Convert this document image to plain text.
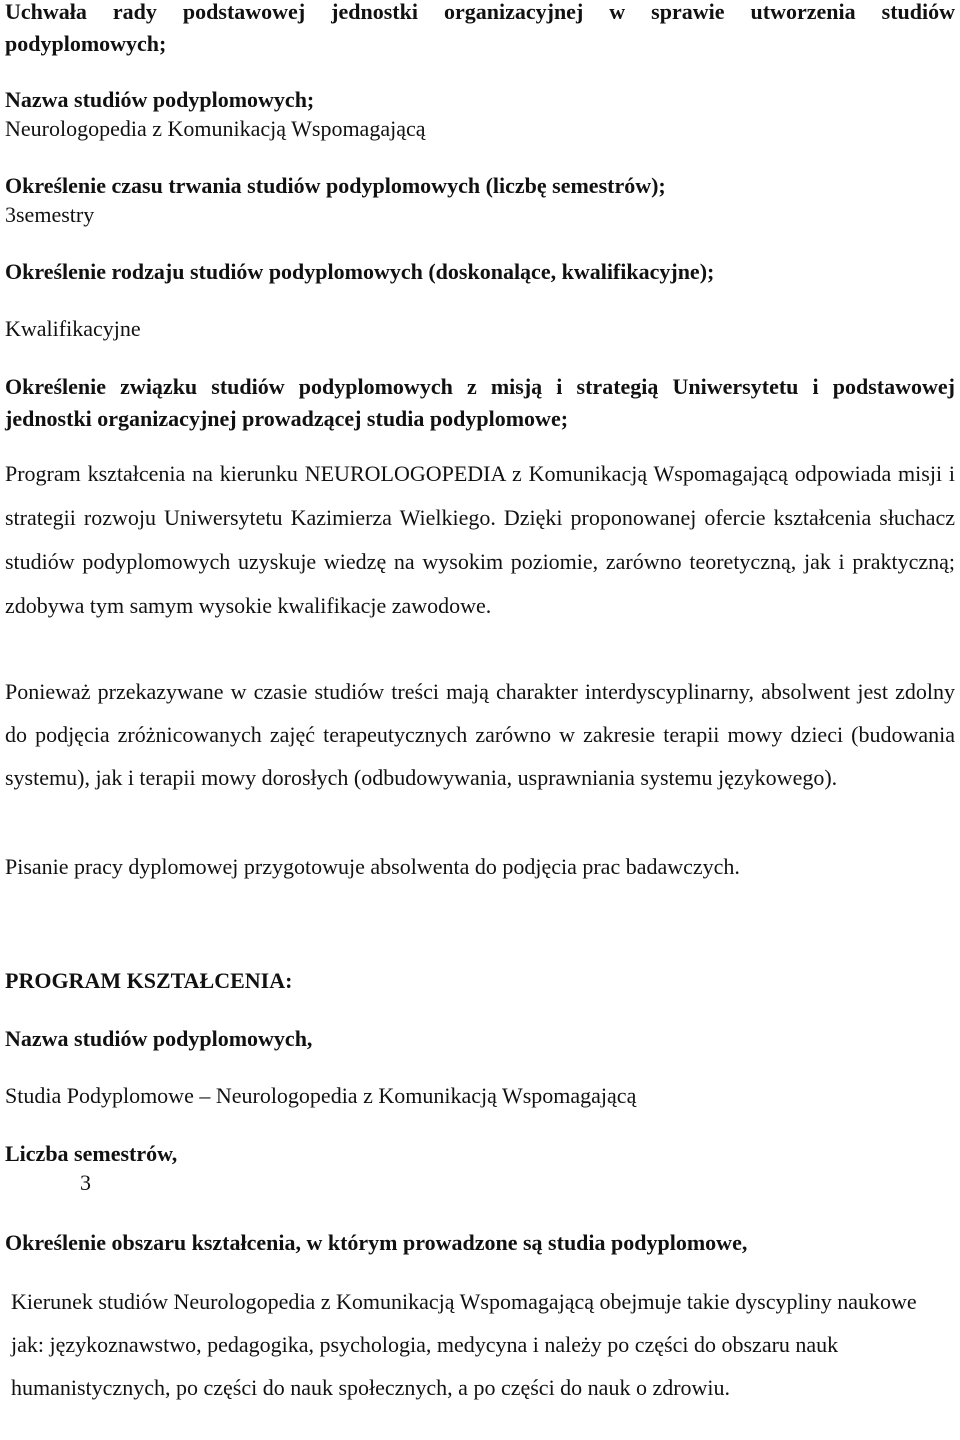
Uchwała rady podstawowej jednostki organizacyjnej w sprawie utworzenia studiów podyplomowych;

Nazwa studiów podyplomowych;

Neurologopedia z Komunikacją Wspomagającą

Określenie czasu trwania studiów podyplomowych (liczbę semestrów);

3semestry

Określenie rodzaju studiów podyplomowych (doskonalące, kwalifikacyjne);

Kwalifikacyjne

Określenie związku studiów podyplomowych z misją i strategią Uniwersytetu i podstawowej jednostki organizacyjnej prowadzącej studia podyplomowe;

Program kształcenia na kierunku NEUROLOGOPEDIA z Komunikacją Wspomagającą odpowiada misji i strategii rozwoju Uniwersytetu Kazimierza Wielkiego. Dzięki proponowanej ofercie kształcenia słuchacz studiów podyplomowych uzyskuje wiedzę na wysokim poziomie, zarówno teoretyczną, jak i praktyczną; zdobywa tym samym wysokie kwalifikacje zawodowe.

Ponieważ przekazywane w czasie studiów treści mają charakter interdyscyplinarny, absolwent jest zdolny do podjęcia zróżnicowanych zajęć terapeutycznych zarówno w zakresie terapii mowy dzieci (budowania systemu), jak i terapii mowy dorosłych (odbudowywania, usprawniania systemu językowego).

Pisanie pracy dyplomowej przygotowuje absolwenta do podjęcia prac badawczych.

PROGRAM KSZTAŁCENIA:

Nazwa studiów podyplomowych,

Studia Podyplomowe – Neurologopedia z Komunikacją Wspomagającą

Liczba semestrów,

3

Określenie obszaru kształcenia, w którym prowadzone są studia podyplomowe,

Kierunek studiów Neurologopedia z Komunikacją Wspomagającą obejmuje takie dyscypliny naukowe jak: językoznawstwo, pedagogika, psychologia, medycyna i należy po części do obszaru nauk humanistycznych, po części do nauk społecznych, a po części do nauk o zdrowiu.
